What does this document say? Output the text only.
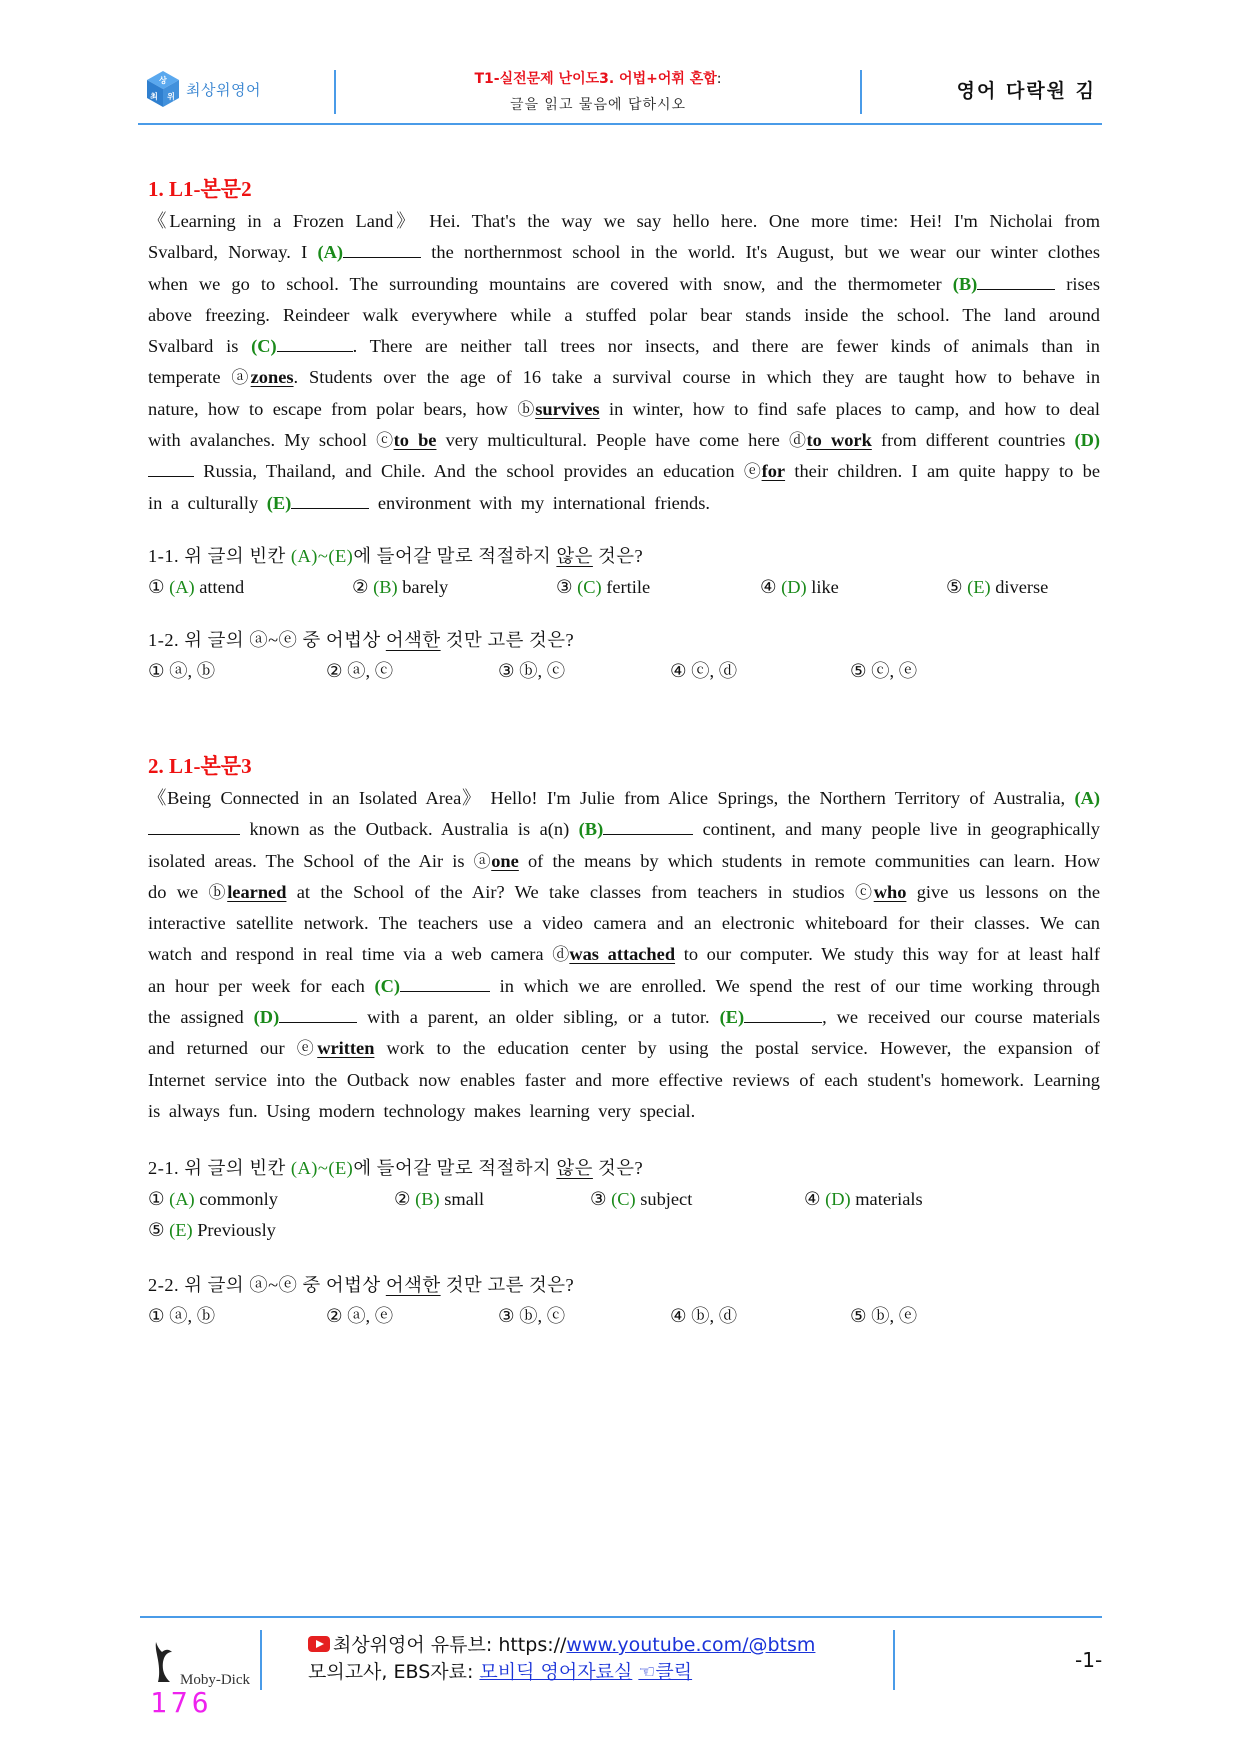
상
최 위 최상위영어
T1-실전문제 난이도3. 어법+어휘 혼합:
글을 읽고 물음에 답하시오
영어 다락원 김
1. L1-본문2

《Learning in a Frozen Land》 Hei. That's the way we say hello here. One more time: Hei! I'm Nicholai from Svalbard, Norway. I (A)	the northernmost school in the world. It's August, but we wear our winter clothes when we go to school. The surrounding mountains are covered with snow, and the thermometer (B)	rises above freezing. Reindeer walk everywhere while a stuffed polar bear stands inside the school. The land around Svalbard is (C)	. There are neither tall trees nor insects, and there are fewer kinds of animals than in temperate ⓐzones. Students over the age of 16 take a survival course in which they are taught how to behave in nature, how to escape from polar bears, how ⓑsurvives in winter, how to find safe places to camp, and how to deal with avalanches. My school ⓒto be very multicultural. People have come here ⓓto work from different countries (D)  Russia, Thailand, and Chile. And the school provides an education ⓔfor their children. I am quite happy to be in a culturally (E)	environment with my international friends.

1-1. 위 글의 빈칸 (A)~(E)에 들어갈 말로 적절하지 않은 것은?
① (A) attend	② (B) barely	③ (C) fertile	④ (D) like	⑤ (E) diverse
1-2. 위 글의 ⓐ~ⓔ 중 어법상 어색한 것만 고른 것은?
① ⓐ, ⓑ	② ⓐ, ⓒ	③ ⓑ, ⓒ	④ ⓒ, ⓓ	⑤ ⓒ, ⓔ
2. L1-본문3

《Being Connected in an Isolated Area》 Hello! I'm Julie from Alice Springs, the Northern Territory of Australia, (A) known as the Outback. Australia is a(n) (B)	continent, and many people live in geographically isolated areas. The School of the Air is ⓐone of the means by which students in remote communities can learn. How do we ⓑlearned at the School of the Air? We take classes from teachers in studios ⓒwho give us lessons on the interactive satellite network. The teachers use a video camera and an electronic whiteboard for their classes. We can watch and respond in real time via a web camera ⓓwas attached to our computer. We study this way for at least half an hour per week for each (C)	in which we are enrolled. We spend the rest of our time working through the assigned (D)	with a parent, an older sibling, or a tutor. (E)	, we received our course materials and returned our ⓔwritten work to the education center by using the postal service. However, the expansion of Internet service into the Outback now enables faster and more effective reviews of each student's homework. Learning is always fun. Using modern technology makes learning very special.

2-1. 위 글의 빈칸 (A)~(E)에 들어갈 말로 적절하지 않은 것은?
① (A) commonly	② (B) small	③ (C) subject	④ (D) materials
⑤ (E) Previously
2-2. 위 글의 ⓐ~ⓔ 중 어법상 어색한 것만 고른 것은?
① ⓐ, ⓑ	② ⓐ, ⓔ	③ ⓑ, ⓒ	④ ⓑ, ⓓ	⑤ ⓑ, ⓔ
Moby-Dick
최상위영어 유튜브: https://www.youtube.com/@btsm
모의고사, EBS자료: 모비딕 영어자료실 ☜클릭	-1-
176
